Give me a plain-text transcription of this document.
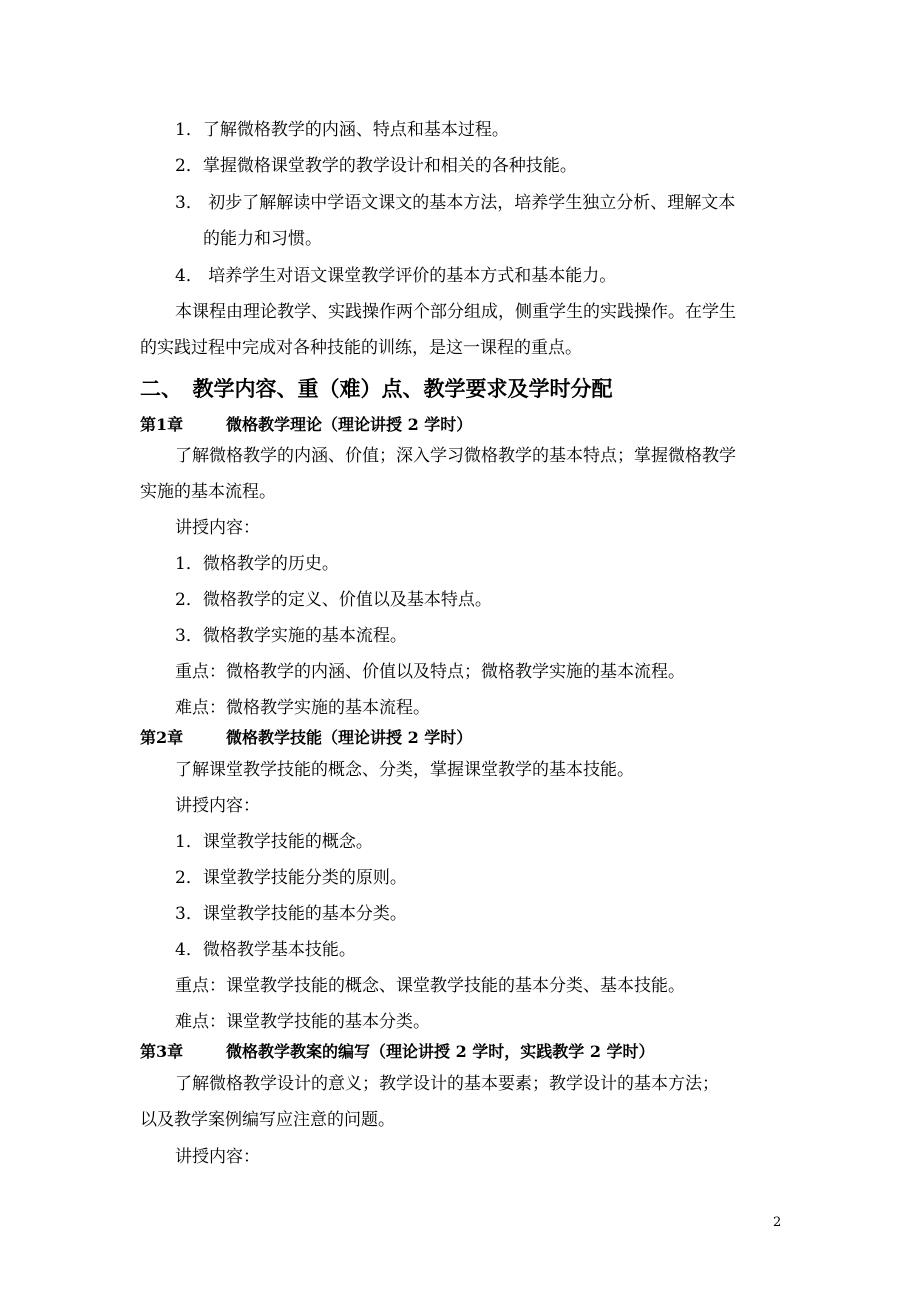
1．了解微格教学的内涵、特点和基本过程。

2．掌握微格课堂教学的教学设计和相关的各种技能。

3． 初步了解解读中学语文课文的基本方法，培养学生独立分析、理解文本

的能力和习惯。

4． 培养学生对语文课堂教学评价的基本方式和基本能力。

本课程由理论教学、实践操作两个部分组成，侧重学生的实践操作。在学生

的实践过程中完成对各种技能的训练，是这一课程的重点。

二、　教学内容、重（难）点、教学要求及学时分配

第1章	微格教学理论（理论讲授 2 学时）

了解微格教学的内涵、价值；深入学习微格教学的基本特点；掌握微格教学

实施的基本流程。

讲授内容：

1．微格教学的历史。

2．微格教学的定义、价值以及基本特点。

3．微格教学实施的基本流程。

重点：微格教学的内涵、价值以及特点；微格教学实施的基本流程。

难点：微格教学实施的基本流程。

第2章	微格教学技能（理论讲授 2 学时）

了解课堂教学技能的概念、分类，掌握课堂教学的基本技能。

讲授内容：

1．课堂教学技能的概念。

2．课堂教学技能分类的原则。

3．课堂教学技能的基本分类。

4．微格教学基本技能。

重点：课堂教学技能的概念、课堂教学技能的基本分类、基本技能。

难点：课堂教学技能的基本分类。

第3章	微格教学教案的编写（理论讲授 2 学时，实践教学 2 学时）

了解微格教学设计的意义；教学设计的基本要素；教学设计的基本方法；

以及教学案例编写应注意的问题。

讲授内容：

2
